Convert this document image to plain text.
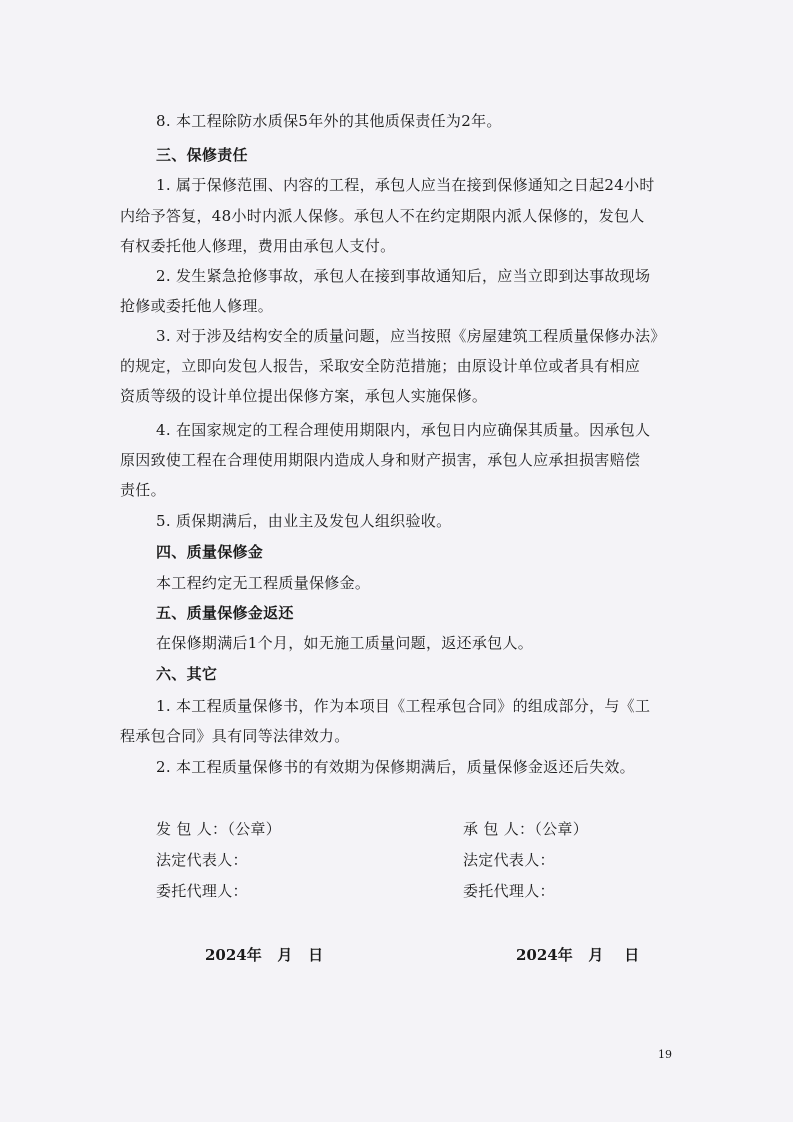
8. 本工程除防水质保5年外的其他质保责任为2年。
三、保修责任
1. 属于保修范围、内容的工程，承包人应当在接到保修通知之日起24小时
内给予答复，48小时内派人保修。承包人不在约定期限内派人保修的，发包人
有权委托他人修理，费用由承包人支付。
2. 发生紧急抢修事故，承包人在接到事故通知后，应当立即到达事故现场
抢修或委托他人修理。
3. 对于涉及结构安全的质量问题，应当按照《房屋建筑工程质量保修办法》
的规定，立即向发包人报告，采取安全防范措施；由原设计单位或者具有相应
资质等级的设计单位提出保修方案，承包人实施保修。
4. 在国家规定的工程合理使用期限内，承包日内应确保其质量。因承包人
原因致使工程在合理使用期限内造成人身和财产损害，承包人应承担损害赔偿
责任。
5. 质保期满后，由业主及发包人组织验收。
四、质量保修金
本工程约定无工程质量保修金。
五、质量保修金返还
在保修期满后1个月，如无施工质量问题，返还承包人。
六、其它
1. 本工程质量保修书，作为本项目《工程承包合同》的组成部分，与《工
程承包合同》具有同等法律效力。
2. 本工程质量保修书的有效期为保修期满后，质量保修金返还后失效。
发 包 人：（公章）
法定代表人：
委托代理人：
2024年   月   日
承 包 人：（公章）
法定代表人：
委托代理人：
2024年   月    日
19
